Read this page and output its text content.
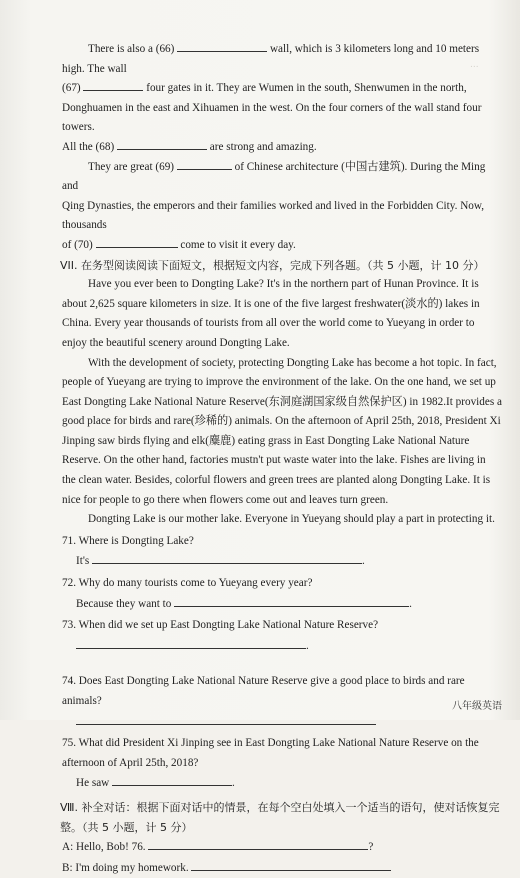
...

There is also a (66)	wall, which is 3 kilometers long and 10 meters high. The wall

(67)	four gates in it. They are Wumen in the south, Shenwumen in the north,

Donghuamen in the east and Xihuamen in the west. On the four corners of the wall stand four towers.

All the (68)	are strong and amazing.

They are great (69)	of Chinese architecture (中国古建筑). During the Ming and

Qing Dynasties, the emperors and their families worked and lived in the Forbidden City. Now, thousands

of (70)	come to visit it every day.

VII. 在务型阅读阅读下面短文，根据短文内容，完成下列各题。（共 5 小题，计 10 分）

Have you ever been to Dongting Lake? It's in the northern part of Hunan Province. It is about 2,625 square kilometers in size. It is one of the five largest freshwater(淡水的) lakes in China. Every year thousands of tourists from all over the world come to Yueyang in order to enjoy the beautiful scenery around Dongting Lake.

With the development of society, protecting Dongting Lake has become a hot topic. In fact, people of Yueyang are trying to improve the environment of the lake. On the one hand, we set up East Dongting Lake National Nature Reserve(东洞庭湖国家级自然保护区) in 1982.It provides a good place for birds and rare(珍稀的) animals. On the afternoon of April 25th, 2018, President Xi Jinping saw birds flying and elk(麋鹿) eating grass in East Dongting Lake National Nature Reserve. On the other hand, factories mustn't put waste water into the lake. Fishes are living in the clean water. Besides, colorful flowers and green trees are planted along Dongting Lake. It is nice for people to go there when flowers come out and leaves turn green.

Dongting Lake is our mother lake. Everyone in Yueyang should play a part in protecting it.

71. Where is Dongting Lake?

It's	.

72. Why do many tourists come to Yueyang every year?

Because they want to	.

73. When did we set up East Dongting Lake National Nature Reserve?

.

74. Does East Dongting Lake National Nature Reserve give a good place to birds and rare animals?

75. What did President Xi Jinping see in East Dongting Lake National Nature Reserve on the afternoon of April 25th, 2018?

He saw	.

Ⅷ. 补全对话：根据下面对话中的情景，在每个空白处填入一个适当的语句，使对话恢复完整。（共 5 小题，计 5 分）

A: Hello, Bob! 76.	?

B: I'm doing my homework.

八年级英语
